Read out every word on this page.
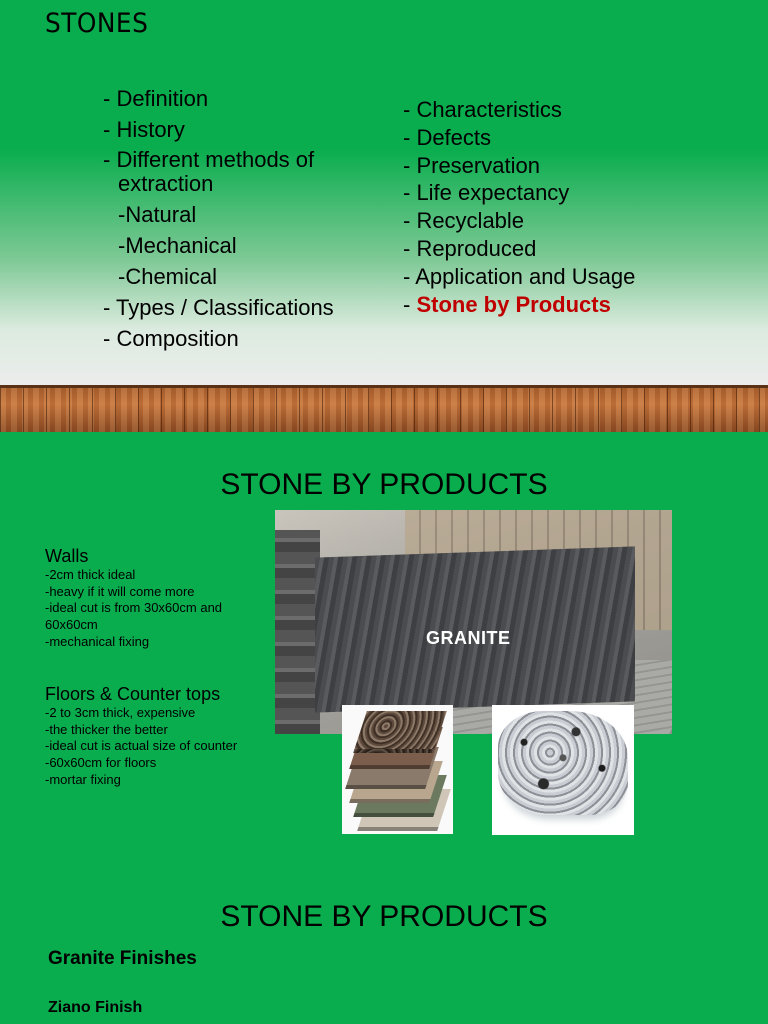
STONES
- Definition
- History
- Different methods of extraction
-Natural
-Mechanical
-Chemical
- Types / Classifications
- Composition
- Characteristics
- Defects
- Preservation
- Life expectancy
- Recyclable
- Reproduced
- Application and Usage
- Stone by Products
STONE BY PRODUCTS
Walls
-2cm thick ideal
-heavy if it will come more
-ideal cut is from 30x60cm and
60x60cm
-mechanical fixing
Floors & Counter tops
-2 to 3cm thick, expensive
-the thicker the better
-ideal cut is actual size of counter
-60x60cm for floors
-mortar fixing
GRANITE
STONE BY PRODUCTS
Granite Finishes
Ziano Finish
